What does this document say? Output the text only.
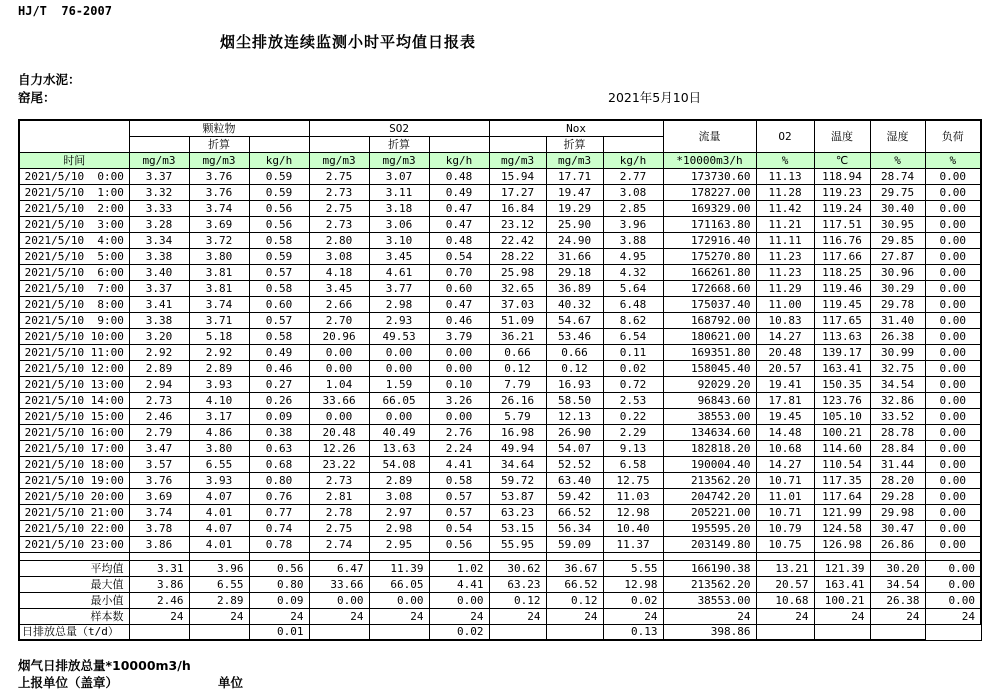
HJ/T  76-2007
烟尘排放连续监测小时平均值日报表
自力水泥：
窑尾：	2021年5月10日
	颗粒物			SO2			Nox			流量	O2	温度	湿度	负荷
		折算			折算			折算						
时间	mg/m3	mg/m3	kg/h	mg/m3	mg/m3	kg/h	mg/m3	mg/m3	kg/h	*10000m3/h	%	℃	%	%
2021/5/10  0:00	3.37	3.76	0.59	2.75	3.07	0.48	15.94	17.71	2.77	173730.60	11.13	118.94	28.74	0.00
2021/5/10  1:00	3.32	3.76	0.59	2.73	3.11	0.49	17.27	19.47	3.08	178227.00	11.28	119.23	29.75	0.00
2021/5/10  2:00	3.33	3.74	0.56	2.75	3.18	0.47	16.84	19.29	2.85	169329.00	11.42	119.24	30.40	0.00
2021/5/10  3:00	3.28	3.69	0.56	2.73	3.06	0.47	23.12	25.90	3.96	171163.80	11.21	117.51	30.95	0.00
2021/5/10  4:00	3.34	3.72	0.58	2.80	3.10	0.48	22.42	24.90	3.88	172916.40	11.11	116.76	29.85	0.00
2021/5/10  5:00	3.38	3.80	0.59	3.08	3.45	0.54	28.22	31.66	4.95	175270.80	11.23	117.66	27.87	0.00
2021/5/10  6:00	3.40	3.81	0.57	4.18	4.61	0.70	25.98	29.18	4.32	166261.80	11.23	118.25	30.96	0.00
2021/5/10  7:00	3.37	3.81	0.58	3.45	3.77	0.60	32.65	36.89	5.64	172668.60	11.29	119.46	30.29	0.00
2021/5/10  8:00	3.41	3.74	0.60	2.66	2.98	0.47	37.03	40.32	6.48	175037.40	11.00	119.45	29.78	0.00
2021/5/10  9:00	3.38	3.71	0.57	2.70	2.93	0.46	51.09	54.67	8.62	168792.00	10.83	117.65	31.40	0.00
2021/5/10 10:00	3.20	5.18	0.58	20.96	49.53	3.79	36.21	53.46	6.54	180621.00	14.27	113.63	26.38	0.00
2021/5/10 11:00	2.92	2.92	0.49	0.00	0.00	0.00	0.66	0.66	0.11	169351.80	20.48	139.17	30.99	0.00
2021/5/10 12:00	2.89	2.89	0.46	0.00	0.00	0.00	0.12	0.12	0.02	158045.40	20.57	163.41	32.75	0.00
2021/5/10 13:00	2.94	3.93	0.27	1.04	1.59	0.10	7.79	16.93	0.72	92029.20	19.41	150.35	34.54	0.00
2021/5/10 14:00	2.73	4.10	0.26	33.66	66.05	3.26	26.16	58.50	2.53	96843.60	17.81	123.76	32.86	0.00
2021/5/10 15:00	2.46	3.17	0.09	0.00	0.00	0.00	5.79	12.13	0.22	38553.00	19.45	105.10	33.52	0.00
2021/5/10 16:00	2.79	4.86	0.38	20.48	40.49	2.76	16.98	26.90	2.29	134634.60	14.48	100.21	28.78	0.00
2021/5/10 17:00	3.47	3.80	0.63	12.26	13.63	2.24	49.94	54.07	9.13	182818.20	10.68	114.60	28.84	0.00
2021/5/10 18:00	3.57	6.55	0.68	23.22	54.08	4.41	34.64	52.52	6.58	190004.40	14.27	110.54	31.44	0.00
2021/5/10 19:00	3.76	3.93	0.80	2.73	2.89	0.58	59.72	63.40	12.75	213562.20	10.71	117.35	28.20	0.00
2021/5/10 20:00	3.69	4.07	0.76	2.81	3.08	0.57	53.87	59.42	11.03	204742.20	11.01	117.64	29.28	0.00
2021/5/10 21:00	3.74	4.01	0.77	2.78	2.97	0.57	63.23	66.52	12.98	205221.00	10.71	121.99	29.98	0.00
2021/5/10 22:00	3.78	4.07	0.74	2.75	2.98	0.54	53.15	56.34	10.40	195595.20	10.79	124.58	30.47	0.00
2021/5/10 23:00	3.86	4.01	0.78	2.74	2.95	0.56	55.95	59.09	11.37	203149.80	10.75	126.98	26.86	0.00

平均值	3.31	3.96	0.56	6.47	11.39	1.02	30.62	36.67	5.55	166190.38	13.21	121.39	30.20	0.00
最大值	3.86	6.55	0.80	33.66	66.05	4.41	63.23	66.52	12.98	213562.20	20.57	163.41	34.54	0.00
最小值	2.46	2.89	0.09	0.00	0.00	0.00	0.12	0.12	0.02	38553.00	10.68	100.21	26.38	0.00
样本数	24	24	24	24	24	24	24	24	24	24	24	24	24	24
日排放总量（t/d）			0.01			0.02			0.13	398.86				
烟气日排放总量*10000m3/h
上报单位（盖章）	单位
